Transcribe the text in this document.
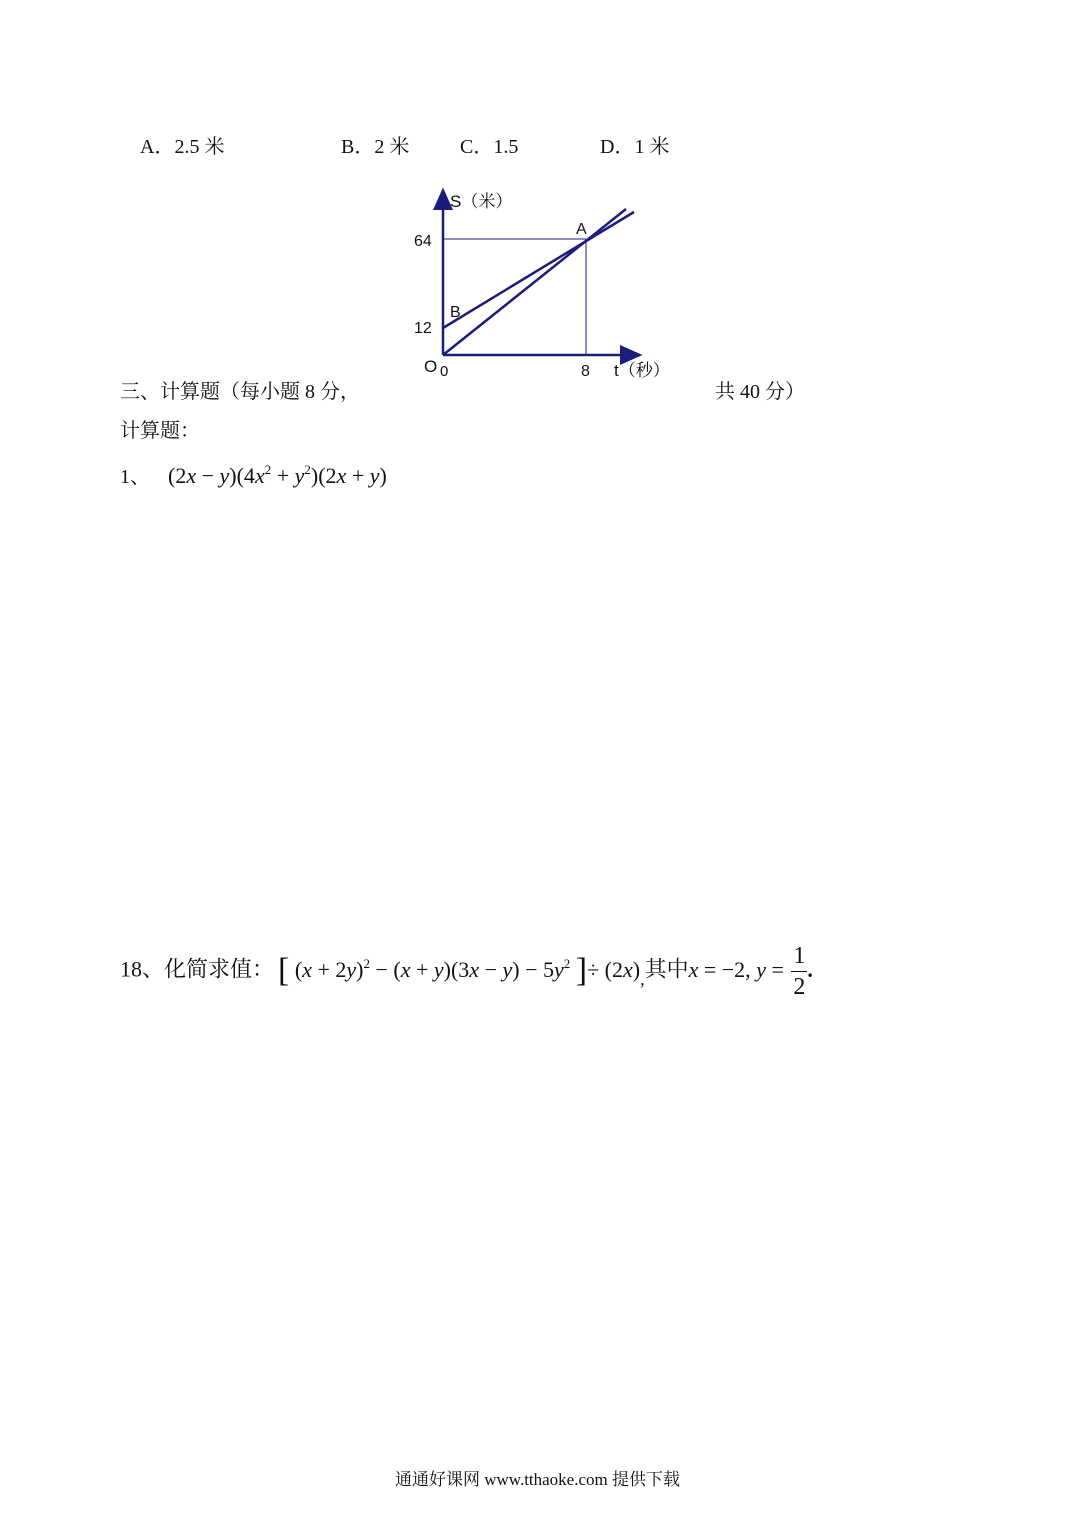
A．2.5 米	B．2 米	C．1.5	D．1 米
S（米）
A
B
64
12
O 0	8 t（秒）
三、计算题（每小题 8 分，	共 40 分）
计算题：
1、 $(2x - y)(4x^2 + y^2)(2x + y)$
18、化简求值： [ $(x + 2y)^2 - (x + y)(3x - y) - 5y^2$ ]÷ $(2x)_,$其中x = −2, $y = \frac{1}{2}$ .
通通好课网 www.tthaoke.com 提供下载
